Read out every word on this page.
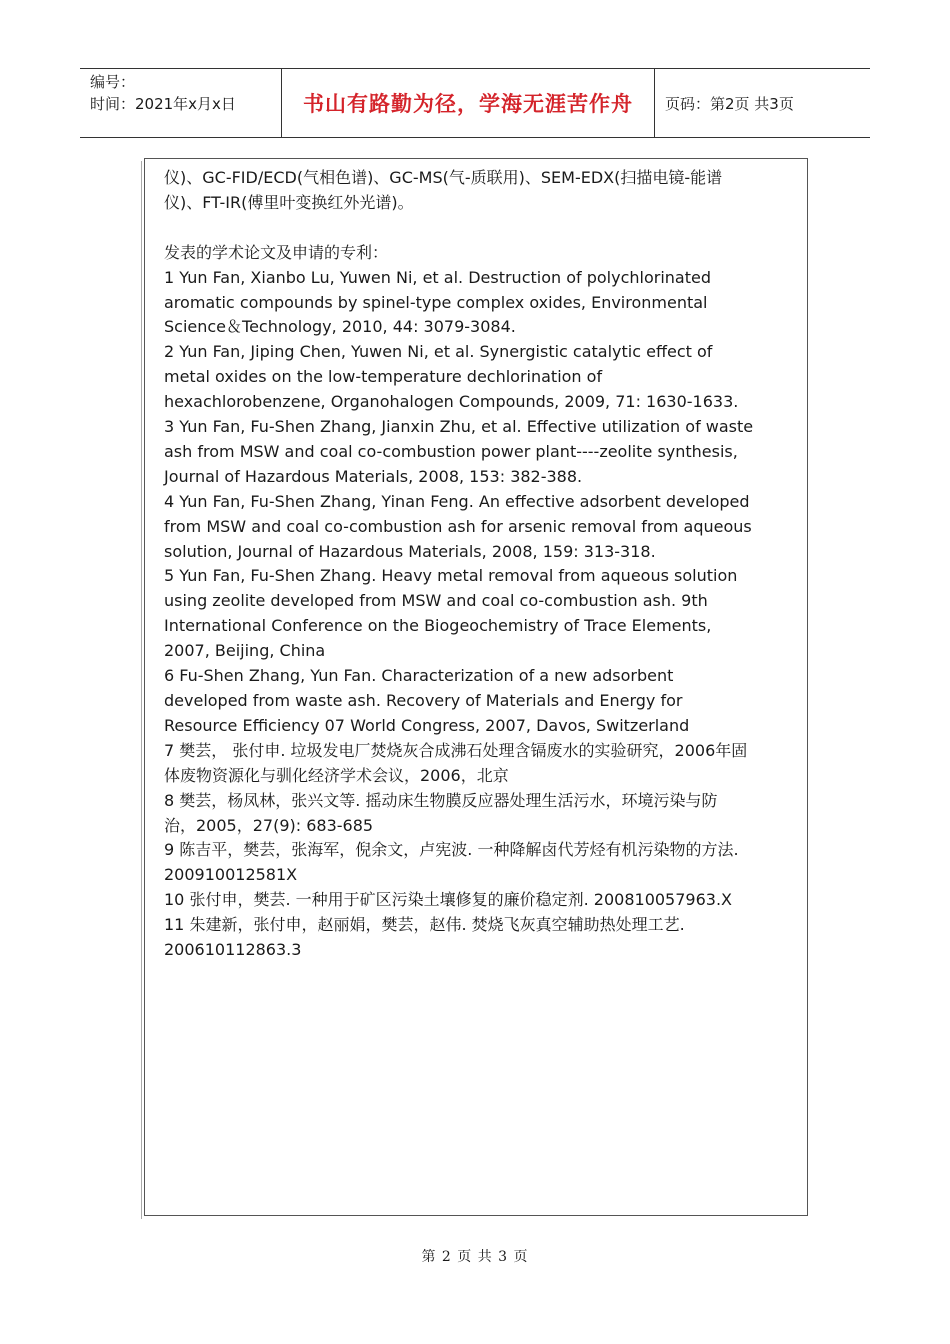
编号：
时间：2021年x月x日	书山有路勤为径，学海无涯苦作舟	页码：第2页 共3页

仪)、GC-FID/ECD(气相色谱)、GC-MS(气-质联用)、SEM-EDX(扫描电镜-能谱

仪)、FT-IR(傅里叶变换红外光谱)。

发表的学术论文及申请的专利：

1 Yun Fan, Xianbo Lu, Yuwen Ni, et al. Destruction of polychlorinated

aromatic compounds by spinel-type complex oxides, Environmental

Science＆Technology, 2010, 44: 3079-3084.

2 Yun Fan, Jiping Chen, Yuwen Ni, et al. Synergistic catalytic effect of

metal oxides on the low-temperature dechlorination of

hexachlorobenzene, Organohalogen Compounds, 2009, 71: 1630-1633.

3 Yun Fan, Fu-Shen Zhang, Jianxin Zhu, et al. Effective utilization of waste

ash from MSW and coal co-combustion power plant----zeolite synthesis,

Journal of Hazardous Materials, 2008, 153: 382-388.

4 Yun Fan, Fu-Shen Zhang, Yinan Feng. An effective adsorbent developed

from MSW and coal co-combustion ash for arsenic removal from aqueous

solution, Journal of Hazardous Materials, 2008, 159: 313-318.

5 Yun Fan, Fu-Shen Zhang. Heavy metal removal from aqueous solution

using zeolite developed from MSW and coal co-combustion ash. 9th

International Conference on the Biogeochemistry of Trace Elements,

2007, Beijing, China

6 Fu-Shen Zhang, Yun Fan. Characterization of a new adsorbent

developed from waste ash. Recovery of Materials and Energy for

Resource Efficiency 07 World Congress, 2007, Davos, Switzerland

7 樊芸， 张付申. 垃圾发电厂焚烧灰合成沸石处理含镉废水的实验研究，2006年固

体废物资源化与驯化经济学术会议，2006，北京

8 樊芸，杨凤林，张兴文等. 摇动床生物膜反应器处理生活污水，环境污染与防

治，2005，27(9): 683-685

9 陈吉平，樊芸，张海军，倪余文，卢宪波. 一种降解卤代芳烃有机污染物的方法.

200910012581X

10 张付申，樊芸. 一种用于矿区污染土壤修复的廉价稳定剂. 200810057963.X

11 朱建新，张付申，赵丽娟，樊芸，赵伟. 焚烧飞灰真空辅助热处理工艺.

200610112863.3

第 2 页 共 3 页
